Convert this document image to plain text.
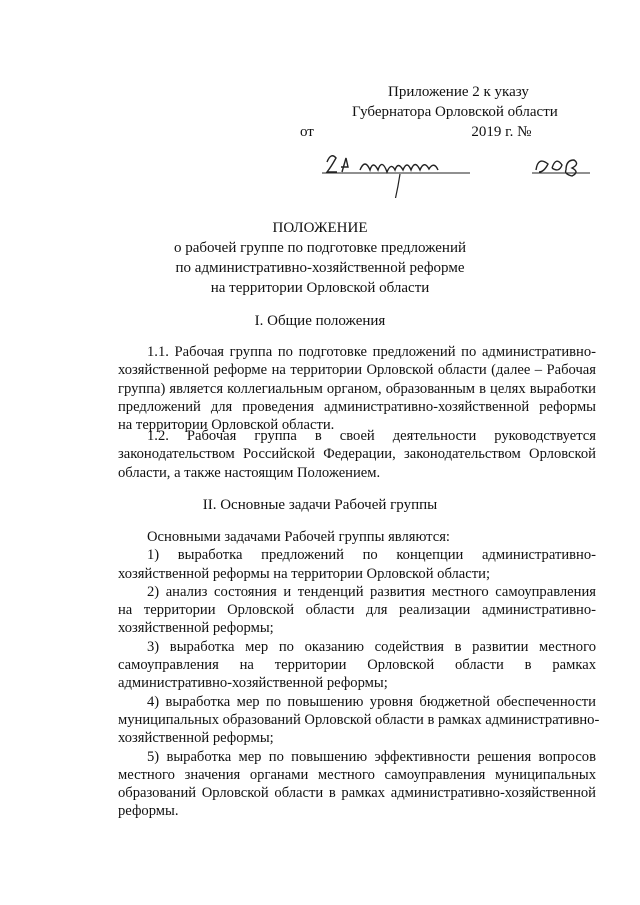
Приложение 2 к указу
Губернатора Орловской области
от	2019 г. №
24 апреля	208
ПОЛОЖЕНИЕ
о рабочей группе по подготовке предложений
по административно-хозяйственной реформе
на территории Орловской области
I. Общие положения
1.1. Рабочая группа по подготовке предложений по административно-
хозяйственной реформе на территории Орловской области (далее – Рабочая
группа) является коллегиальным органом, образованным в целях выработки
предложений для проведения административно-хозяйственной реформы
на территории Орловской области.
1.2. Рабочая группа в своей деятельности руководствуется
законодательством Российской Федерации, законодательством Орловской
области, а также настоящим Положением.
II. Основные задачи Рабочей группы
Основными задачами Рабочей группы являются:
1) выработка предложений по концепции административно-
хозяйственной реформы на территории Орловской области;
2) анализ состояния и тенденций развития местного самоуправления
на территории Орловской области для реализации административно-
хозяйственной реформы;
3) выработка мер по оказанию содействия в развитии местного
самоуправления на территории Орловской области в рамках
административно-хозяйственной реформы;
4) выработка мер по повышению уровня бюджетной обеспеченности
муниципальных образований Орловской области в рамках административно-
хозяйственной реформы;
5) выработка мер по повышению эффективности решения вопросов
местного значения органами местного самоуправления муниципальных
образований Орловской области в рамках административно-хозяйственной
реформы.
